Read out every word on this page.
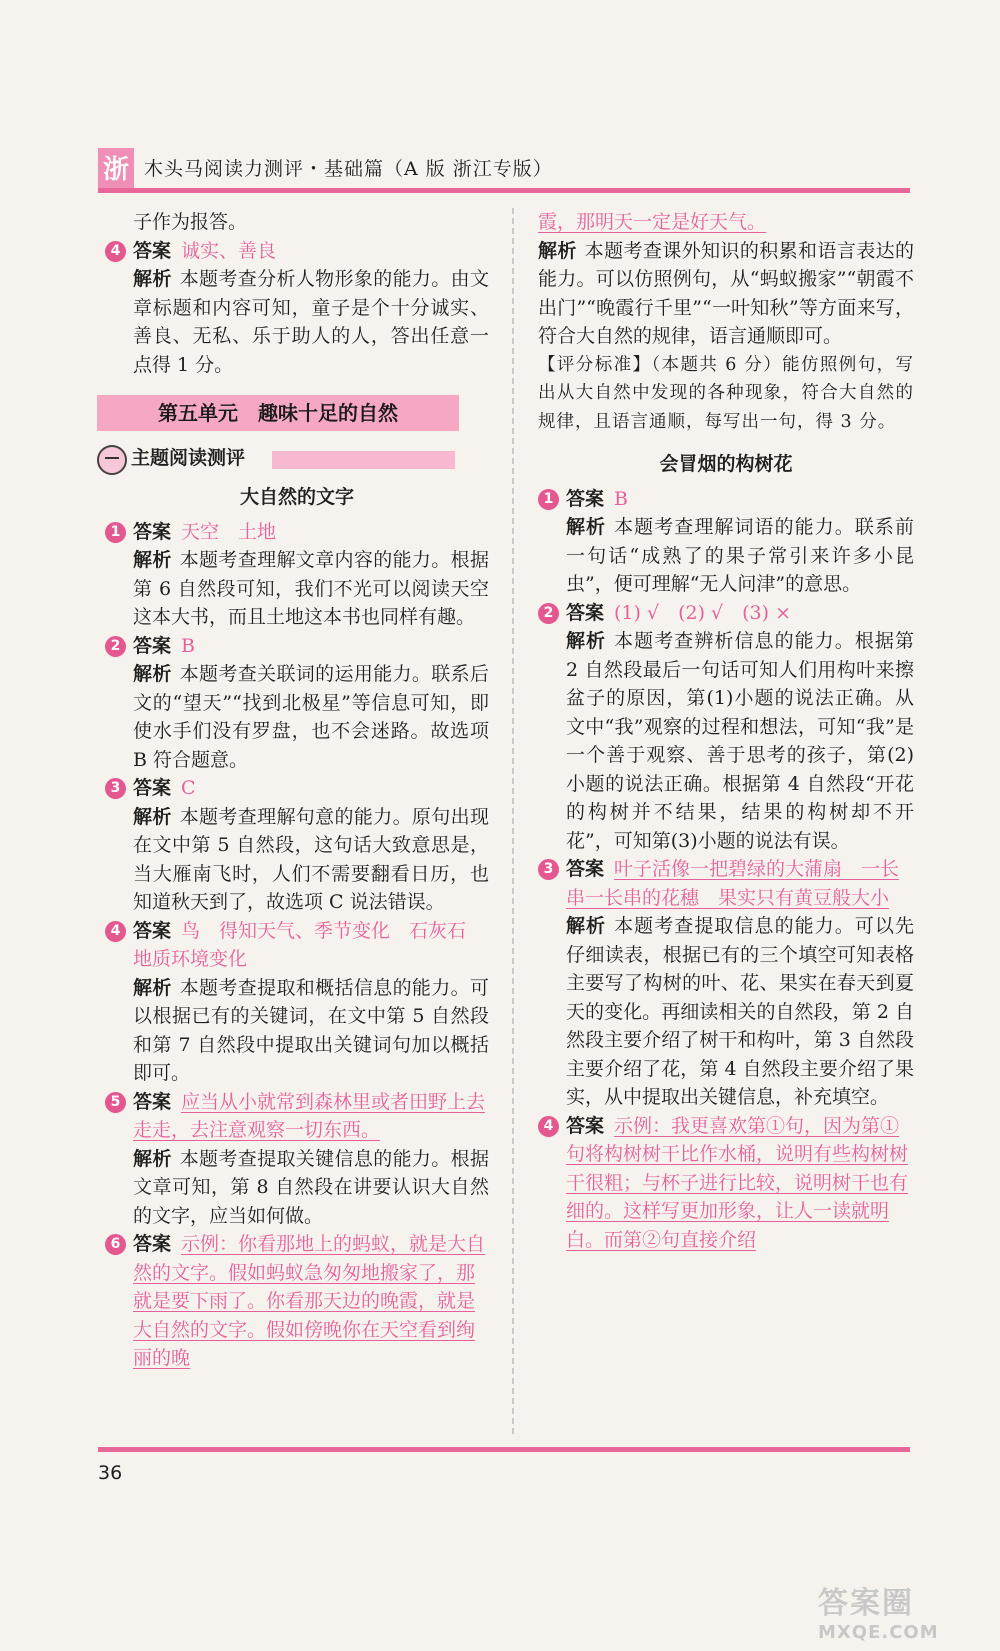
浙 木头马阅读力测评・基础篇（A 版 浙江专版）

子作为报答。

4 答案 诚实、善良

解析 本题考查分析人物形象的能力。由文章标题和内容可知，童子是个十分诚实、善良、无私、乐于助人的人，答出任意一点得 1 分。

第五单元　趣味十足的自然
主题阅读测评
大自然的文字

1 答案 天空　土地

解析 本题考查理解文章内容的能力。根据第 6 自然段可知，我们不光可以阅读天空这本大书，而且土地这本书也同样有趣。

2 答案 B

解析 本题考查关联词的运用能力。联系后文的“望天”“找到北极星”等信息可知，即使水手们没有罗盘，也不会迷路。故选项 B 符合题意。

3 答案 C

解析 本题考查理解句意的能力。原句出现在文中第 5 自然段，这句话大致意思是，当大雁南飞时，人们不需要翻看日历，也知道秋天到了，故选项 C 说法错误。

4 答案 鸟　得知天气、季节变化　石灰石　地质环境变化

解析 本题考查提取和概括信息的能力。可以根据已有的关键词，在文中第 5 自然段和第 7 自然段中提取出关键词句加以概括即可。

5 答案 应当从小就常到森林里或者田野上去走走，去注意观察一切东西。

解析 本题考查提取关键信息的能力。根据文章可知，第 8 自然段在讲要认识大自然的文字，应当如何做。

6 答案 示例：你看那地上的蚂蚁，就是大自然的文字。假如蚂蚁急匆匆地搬家了，那就是要下雨了。你看那天边的晚霞，就是大自然的文字。假如傍晚你在天空看到绚丽的晚

霞，那明天一定是好天气。

解析 本题考查课外知识的积累和语言表达的能力。可以仿照例句，从“蚂蚁搬家”“朝霞不出门”“晚霞行千里”“一叶知秋”等方面来写，符合大自然的规律，语言通顺即可。

【评分标准】（本题共 6 分）能仿照例句，写出从大自然中发现的各种现象，符合大自然的规律，且语言通顺，每写出一句，得 3 分。

会冒烟的构树花

1 答案 B

解析 本题考查理解词语的能力。联系前一句话“成熟了的果子常引来许多小昆虫”，便可理解“无人问津”的意思。

2 答案 (1) √　(2) √　(3) ×

解析 本题考查辨析信息的能力。根据第 2 自然段最后一句话可知人们用构叶来擦盆子的原因，第(1)小题的说法正确。从文中“我”观察的过程和想法，可知“我”是一个善于观察、善于思考的孩子，第(2)小题的说法正确。根据第 4 自然段“开花的构树并不结果，结果的构树却不开花”，可知第(3)小题的说法有误。

3 答案 叶子活像一把碧绿的大蒲扇　一长串一长串的花穗　果实只有黄豆般大小

解析 本题考查提取信息的能力。可以先仔细读表，根据已有的三个填空可知表格主要写了构树的叶、花、果实在春天到夏天的变化。再细读相关的自然段，第 2 自然段主要介绍了树干和构叶，第 3 自然段主要介绍了花，第 4 自然段主要介绍了果实，从中提取出关键信息，补充填空。

4 答案 示例：我更喜欢第①句，因为第①句将构树树干比作水桶，说明有些构树树干很粗；与杯子进行比较，说明树干也有细的。这样写更加形象，让人一读就明白。而第②句直接介绍

36
答案圈
MXQE.COM
